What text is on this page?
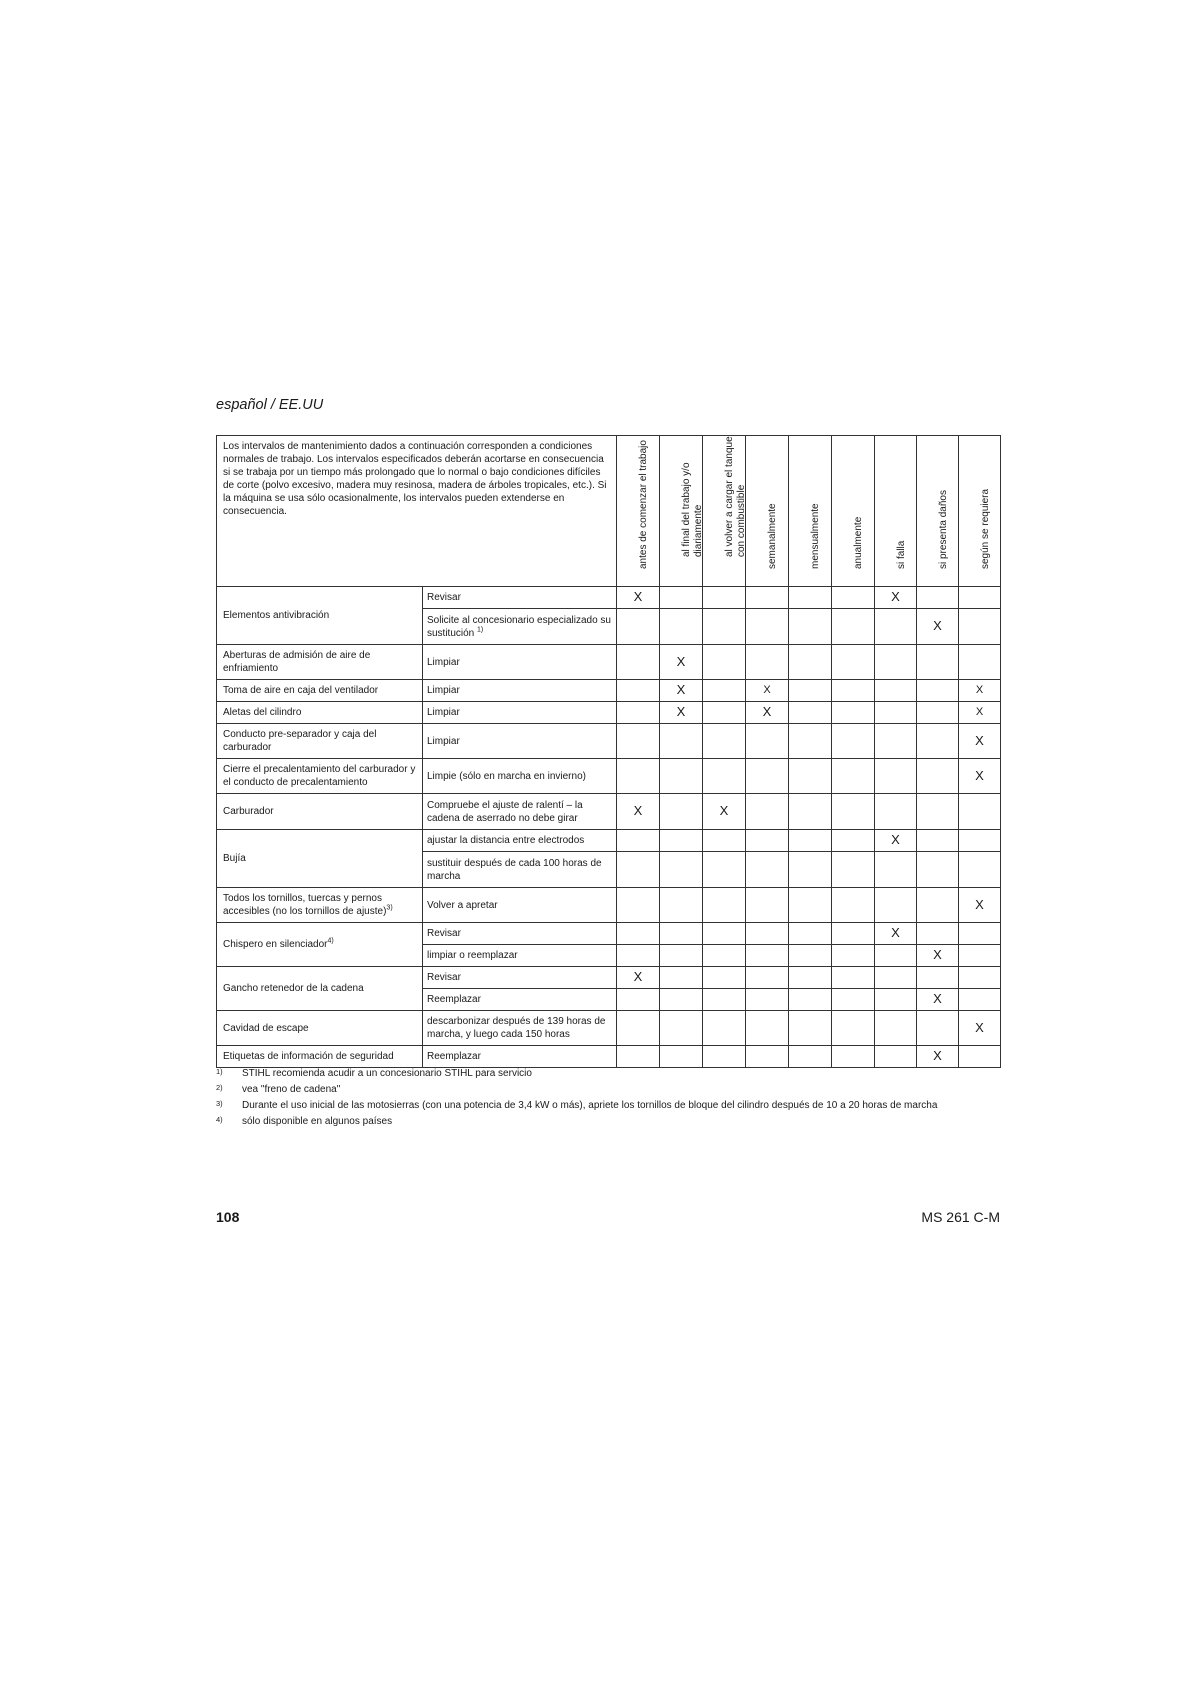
español / EE.UU
Los intervalos de mantenimiento dados a continuación corresponden a condiciones normales de trabajo. Los intervalos especificados deberán acortarse en consecuencia si se trabaja por un tiempo más prolongado que lo normal o bajo condiciones difíciles de corte (polvo excesivo, madera muy resinosa, madera de árboles tropicales, etc.). Si la máquina se usa sólo ocasionalmente, los intervalos pueden extenderse en consecuencia.		antes de comenzar el trabajo	al final del trabajo y/o
diariamente	al volver a cargar el tanque
con combustible	semanalmente	mensualmente	anualmente	si falla	si presenta daños	según se requiera

Elementos antivibración	Revisar	X						X		
	Solicite al concesionario especializado su sustitución $^{1)}$								X	
Aberturas de admisión de aire de enfriamiento	Limpiar		X							
Toma de aire en caja del ventilador	Limpiar		X		X					X
Aletas del cilindro	Limpiar		X		X					X
Conducto pre-separador y caja del carburador	Limpiar									X
Cierre el precalentamiento del carburador y el conducto de precalentamiento	Limpie (sólo en marcha en invierno)									X
Carburador	Compruebe el ajuste de ralentí – la cadena de aserrado no debe girar	X		X						
Bujía	ajustar la distancia entre electrodos							X		
	sustituir después de cada 100 horas de marcha									
Todos los tornillos, tuercas y pernos accesibles (no los tornillos de ajuste)$^{3)}$	Volver a apretar									X
Chispero en silenciador$^{4)}$	Revisar							X		
	limpiar o reemplazar								X	
Gancho retenedor de la cadena	Revisar	X								
	Reemplazar								X	
Cavidad de escape	descarbonizar después de 139 horas de marcha, y luego cada 150 horas									X
Etiquetas de información de seguridad	Reemplazar								X	
1) STIHL recomienda acudir a un concesionario STIHL para servicio
2) vea "freno de cadena"
3) Durante el uso inicial de las motosierras (con una potencia de 3,4 kW o más), apriete los tornillos de bloque del cilindro después de 10 a 20 horas de marcha
4) sólo disponible en algunos países
108	MS 261 C-M
